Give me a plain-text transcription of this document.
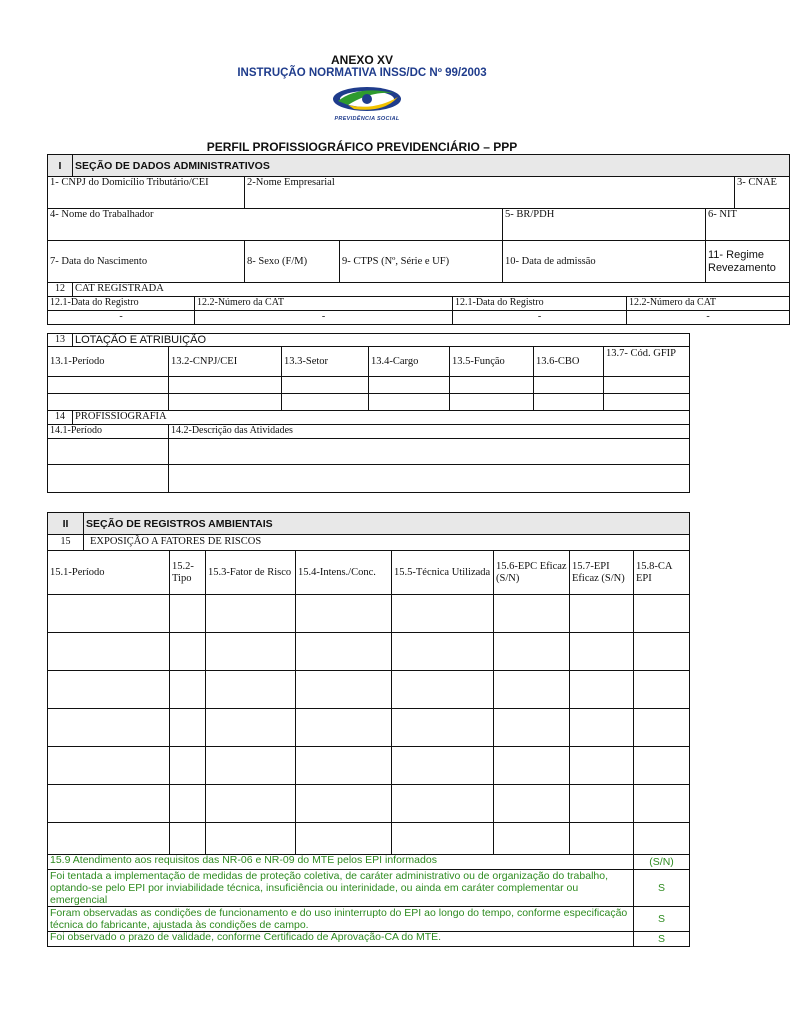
ANEXO XV
INSTRUÇÃO NORMATIVA INSS/DC Nº 99/2003
PREVIDÊNCIA SOCIAL
PERFIL PROFISSIOGRÁFICO PREVIDENCIÁRIO – PPP
I	SEÇÃO DE DADOS ADMINISTRATIVOS								
1- CNPJ do Domicílio Tributário/CEI			2-Nome Empresarial						3- CNAE
4- Nome do Trabalhador						5- BR/PDH		6- NIT	
7- Data do Nascimento			8- Sexo (F/M)	9- CTPS (Nº, Série e UF)		10- Data de admissão		11- Regime Revezamento	
12	CAT REGISTRADA								
12.1-Data do Registro		12.2-Número da CAT			12.1-Data do Registro		12.2-Número da CAT		
-		-			-		-		
13	LOTAÇÃO E ATRIBUIÇÃO						
13.1-Período		13.2-CNPJ/CEI	13.3-Setor	13.4-Cargo	13.5-Função	13.6-CBO	13.7- Cód. GFIP

14	PROFISSIOGRAFIA						
14.1-Período		14.2-Descrição das Atividades					

II	SEÇÃO DE REGISTROS AMBIENTAIS							
15	EXPOSIÇÃO A FATORES DE RISCOS							
15.1-Período		15.2-Tipo	15.3-Fator de Risco	15.4-Intens./Conc.	15.5-Técnica Utilizada	15.6-EPC Eficaz (S/N)	15.7-EPI Eficaz (S/N)	15.8-CA EPI

15.9 Atendimento aos requisitos das NR-06 e NR-09 do MTE pelos EPI informados								(S/N)
Foi tentada a implementação de medidas de proteção coletiva, de caráter administrativo ou de organização do trabalho, optando-se pelo EPI por inviabilidade técnica, insuficiência ou interinidade, ou ainda em caráter complementar ou emergencial								S
Foram observadas as condições de funcionamento e do uso ininterrupto do EPI ao longo do tempo, conforme especificação técnica do fabricante, ajustada às condições de campo.								S
Foi observado o prazo de validade, conforme Certificado de Aprovação-CA do MTE.								S
